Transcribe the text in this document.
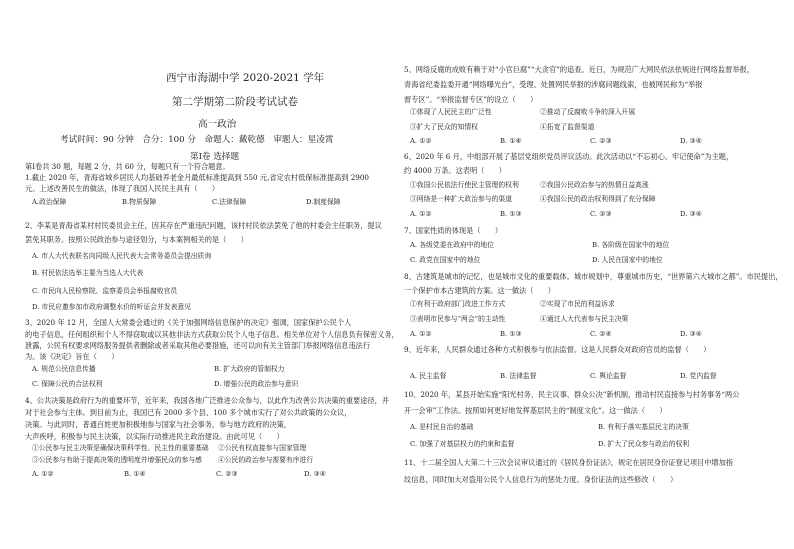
西宁市海湖中学 2020-2021 学年
第二学期第二阶段考试试卷
高一政治
考试时间：90 分钟　合分：100 分　命题人：戴乾德　审题人：星凌霄
第Ⅰ卷 选择题
第Ⅰ卷共 30 题，每题 2 分，共 60 分，每题只有一个符合题意。
1.截止 2020 年，青海省城乡居民人均基础养老金月最低标准提高到 550 元,省定农村低保标准提高到 2900
元。上述改善民生的做法，体现了我国人民民主具有（　　）
A.政治保障	B.物质保障	C.法律保障	D.制度保障
2、李某是青海省某村村民委员会主任，因其存在严重违纪问题，该村村民依法罢免了他的村委会主任职务，提议
罢免其职务。按照公民政治参与途径划分，与本案例相关的是（　　）
A. 市人大代表联名向同级人民代表大会常务委员会提出质询
B. 村民依法选举主要为当选人大代表
C. 市民向人民检察院、监察委员会举报腐败官员
D. 市民应邀参加市政府调整水价的听证会并发表意见
3、2020 年 12 月，全国人大常委会通过的《关于加强网络信息保护的决定》强调，国家保护公民个人
的电子信息，任何组织和个人不得窃取或以其他非法方式获取公民个人电子信息。相关单位对个人信息负有保密义务，
泄露，公民有权要求网络服务提供者删除或者采取其他必要措施，还可以向有关主管部门举报网络信息违法行
为。该《决定》旨在（　　）
A. 规范公民信息传播	B. 扩大政府的管制权力
C. 保障公民的合法权利	D. 增强公民的政治参与意识
4、公共决策是政府行为的重要环节，近年来，我国各地广泛推进公众参与，以此作为改善公共决策的重要途径，并
对于社会参与主体。到目前为止，我国已有 2000 多个县、100 多个城市实行了对公共政策的公众议，
决策。与此同时，普通百姓更加积极地参与国家与社会事务，参与地方政府的决策，
大声疾呼，积极参与民主决策，以实际行动推进民主政治建设。由此可见（　　）
①公民参与民主决策是确保决策科学性、民主性的重要基础 ②公民有权直接参与国家管理
③公民参与有助于提高决策的透明度并增强民众的参与感 ④公民的政治参与需要有序进行
A. ①②	B. ①④	C. ②③	D. ③④
5、网络反腐的成败有赖于对“小官巨腐”“大贪官”的追查。近日，为规范广大网民依法依规进行网络监督举报，
青海省纪委监委开通“网络曝光台”，受理、处置网民举报的涉腐问题线索，也被网民称为“举报
督专区”。“举报监督专区”的设立（　　）
①体现了人民民主的广泛性	②推动了反腐败斗争的深入开展
③扩大了民众的知情权	④拓宽了监督渠道
A. ①②	B. ①④	C. ②③	D. ③④
6、2020 年 6 月，中组部开展了基层党组织党员评议活动。此次活动以“不忘初心、牢记使命”为主题，
约 4000 万条。这表明（　　）
①我国公民依法行使民主管理的权利	②我国公民政治参与的热情日益高涨
③网络是一种扩大政治参与的渠道	④我国公民的政治权利得到了充分保障
A. ①②	B. ①③	C. ②③	D. ③④
7、国家性质的体现是（　　）
A. 各级党委在政府中的地位	B. 各阶级在国家中的地位
C. 政党在国家中的地位	D. 人民在国家中的地位
8、古建筑是城市的记忆，也是城市文化的重要载体。城市规划中，尊重城市历史，“世界第六大城市之都”。市民提出，
一个保护市本古建筑的方案。这一做法（　　）
①有利于政府部门改进工作方式	②实现了市民的利益诉求
③表明市民参与“两会”的主动性	④通过人大代表参与民主决策
A. ①②	B. ①③	C. ②④	D. ③④
9、近年来，人民群众通过各种方式积极参与依法监督。这是人民群众对政府官员的监督（　　）
A. 民主监督	B. 法律监督	C. 舆论监督	D. 党内监督
10、2020 年，某县开始实施“阳光村务、民主议事、群众公决”新机制，推动村民直接参与村务事务“两公
开一会审”工作法。按照如何更好地发挥基层民主的“制度文化”。这一做法（　　）
A. 是村民自治的基础	B. 有利于落实基层民主的决策
C. 加强了对基层权力的约束和监督	D. 扩大了民众参与政治的权利
11、十二届全国人大第二十三次会议审议通过的《居民身份证法》，规定在居民身份证登记项目中增加指
纹信息，同时加大对盗用公民个人信息行为的惩处力度。身份证法的这些修改（　　）
